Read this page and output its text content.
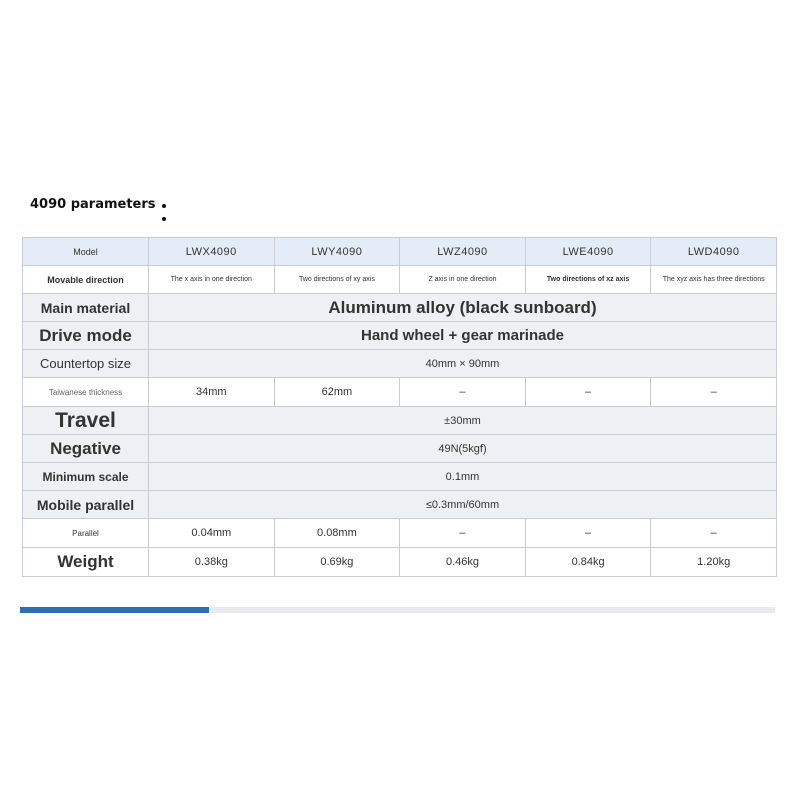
4090 parameters
Model	LWX4090	LWY4090	LWZ4090	LWE4090	LWD4090
Movable direction	The x axis in one direction	Two directions of xy axis	Z axis in one direction	Two directions of xz axis	The xyz axis has three directions
Main material	Aluminum alloy (black sunboard)				
Drive mode	Hand wheel + gear marinade				
Countertop size	40mm × 90mm				
Taiwanese thickness	34mm	62mm	–	–	–
Travel	±30mm				
Negative	49N(5kgf)				
Minimum scale	0.1mm				
Mobile parallel	≤0.3mm/60mm				
Parallel	0.04mm	0.08mm	–	–	–
Weight	0.38kg	0.69kg	0.46kg	0.84kg	1.20kg
